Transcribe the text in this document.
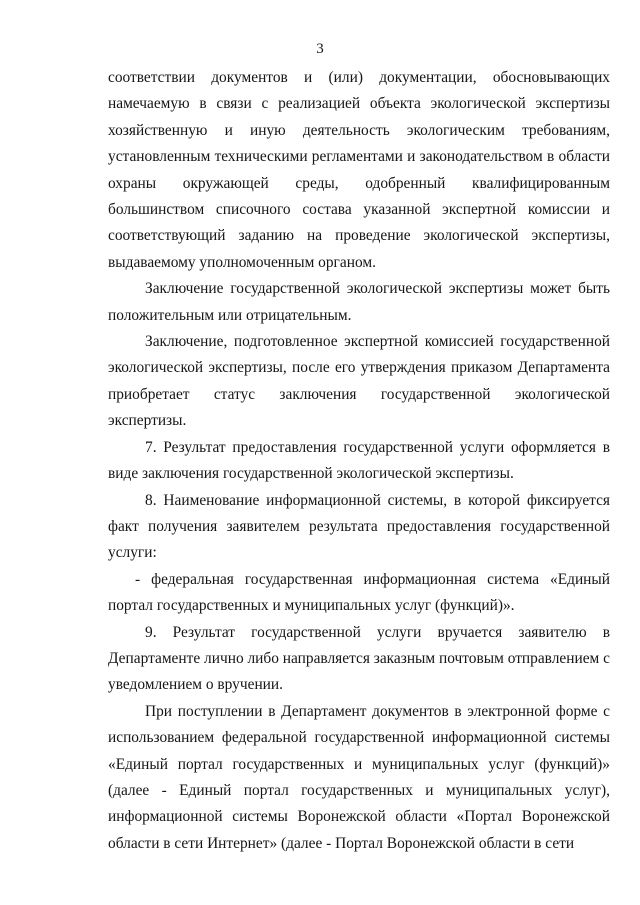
3

соответствии документов и (или) документации, обосновывающих намечаемую в связи с реализацией объекта экологической экспертизы хозяйственную и иную деятельность экологическим требованиям, установленным техническими регламентами и законодательством в области охраны окружающей среды, одобренный квалифицированным большинством списочного состава указанной экспертной комиссии и соответствующий заданию на проведение экологической экспертизы, выдаваемому уполномоченным органом.

Заключение государственной экологической экспертизы может быть положительным или отрицательным.

Заключение, подготовленное экспертной комиссией государственной экологической экспертизы, после его утверждения приказом Департамента приобретает статус заключения государственной экологической экспертизы.

7. Результат предоставления государственной услуги оформляется в виде заключения государственной экологической экспертизы.

8. Наименование информационной системы, в которой фиксируется факт получения заявителем результата предоставления государственной услуги:

- федеральная государственная информационная система «Единый портал государственных и муниципальных услуг (функций)».

9. Результат государственной услуги вручается заявителю в Департаменте лично либо направляется заказным почтовым отправлением с уведомлением о вручении.

При поступлении в Департамент документов в электронной форме с использованием федеральной государственной информационной системы «Единый портал государственных и муниципальных услуг (функций)» (далее - Единый портал государственных и муниципальных услуг), информационной системы Воронежской области «Портал Воронежской области в сети Интернет» (далее - Портал Воронежской области в сети
